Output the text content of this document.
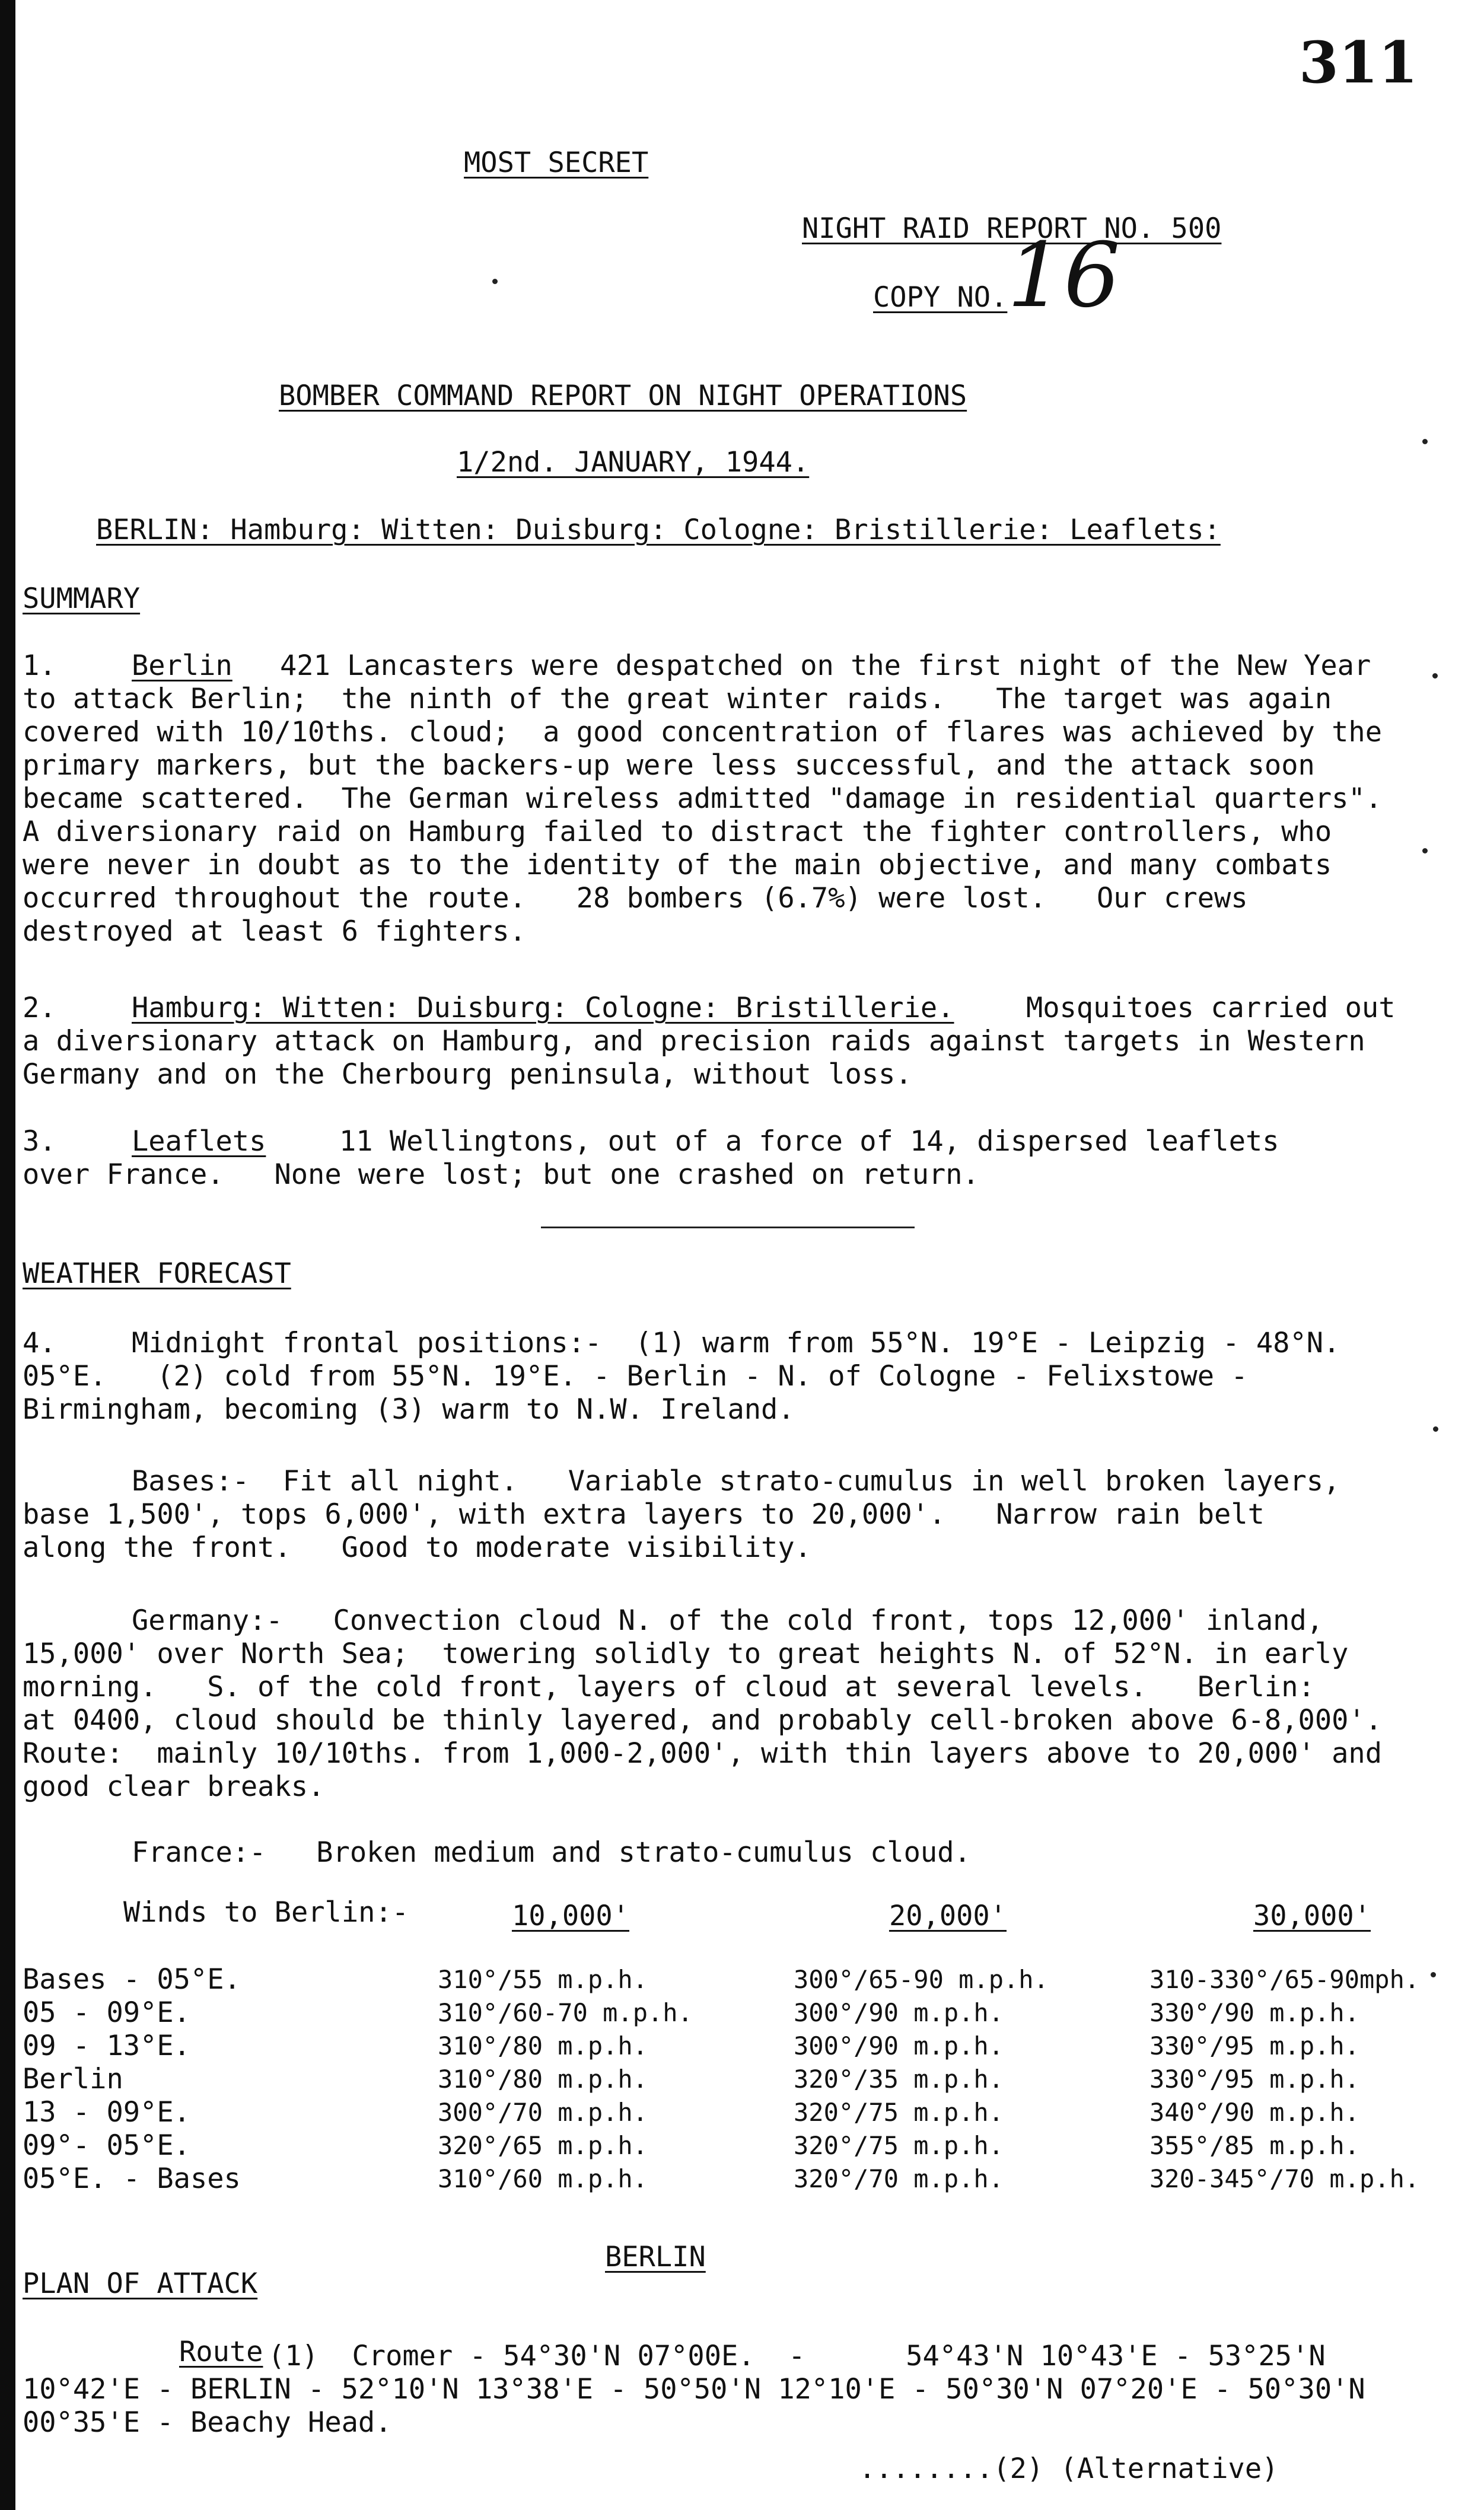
311
MOST SECRET
NIGHT RAID REPORT NO. 500
COPY NO. 16
BOMBER COMMAND REPORT ON NIGHT OPERATIONS
1/2nd. JANUARY, 1944.
BERLIN: Hamburg: Witten: Duisburg: Cologne: Bristillerie: Leaflets:
SUMMARY
1.	Berlin 421 Lancasters were despatched on the first night of the New Year
to attack Berlin;  the ninth of the great winter raids.   The target was again
covered with 10/10ths. cloud;  a good concentration of flares was achieved by the
primary markers, but the backers-up were less successful, and the attack soon
became scattered.  The German wireless admitted "damage in residential quarters".
A diversionary raid on Hamburg failed to distract the fighter controllers, who
were never in doubt as to the identity of the main objective, and many combats
occurred throughout the route.   28 bombers (6.7%) were lost.   Our crews
destroyed at least 6 fighters.
2.	Hamburg: Witten: Duisburg: Cologne: Bristillerie.	Mosquitoes carried out
a diversionary attack on Hamburg, and precision raids against targets in Western
Germany and on the Cherbourg peninsula, without loss.
3.	Leaflets	11 Wellingtons, out of a force of 14, dispersed leaflets
over France.   None were lost; but one crashed on return.
WEATHER FORECAST
4.	Midnight frontal positions:-  (1) warm from 55°N. 19°E - Leipzig - 48°N.
05°E.   (2) cold from 55°N. 19°E. - Berlin - N. of Cologne - Felixstowe -
Birmingham, becoming (3) warm to N.W. Ireland.
Bases:-  Fit all night.   Variable strato-cumulus in well broken layers,
base 1,500', tops 6,000', with extra layers to 20,000'.   Narrow rain belt
along the front.   Good to moderate visibility.
Germany:-   Convection cloud N. of the cold front, tops 12,000' inland,
15,000' over North Sea;  towering solidly to great heights N. of 52°N. in early
morning.   S. of the cold front, layers of cloud at several levels.   Berlin:
at 0400, cloud should be thinly layered, and probably cell-broken above 6-8,000'.
Route:  mainly 10/10ths. from 1,000-2,000', with thin layers above to 20,000' and
good clear breaks.
France:-   Broken medium and strato-cumulus cloud.
Winds to Berlin:-	10,000'	20,000'	30,000'
Bases - 05°E.	310°/55 m.p.h.	300°/65-90 m.p.h.	310-330°/65-90mph.
05 - 09°E.	310°/60-70 m.p.h.	300°/90 m.p.h.	330°/90 m.p.h.
09 - 13°E.	310°/80 m.p.h.	300°/90 m.p.h.	330°/95 m.p.h.
Berlin	310°/80 m.p.h.	320°/35 m.p.h.	330°/95 m.p.h.
13 - 09°E.	300°/70 m.p.h.	320°/75 m.p.h.	340°/90 m.p.h.
09°- 05°E.	320°/65 m.p.h.	320°/75 m.p.h.	355°/85 m.p.h.
05°E. - Bases	310°/60 m.p.h.	320°/70 m.p.h.	320-345°/70 m.p.h.
BERLIN
PLAN OF ATTACK
Route (1)  Cromer - 54°30'N 07°00E.  -      54°43'N 10°43'E - 53°25'N
10°42'E - BERLIN - 52°10'N 13°38'E - 50°50'N 12°10'E - 50°30'N 07°20'E - 50°30'N
00°35'E - Beachy Head.
........(2) (Alternative)
